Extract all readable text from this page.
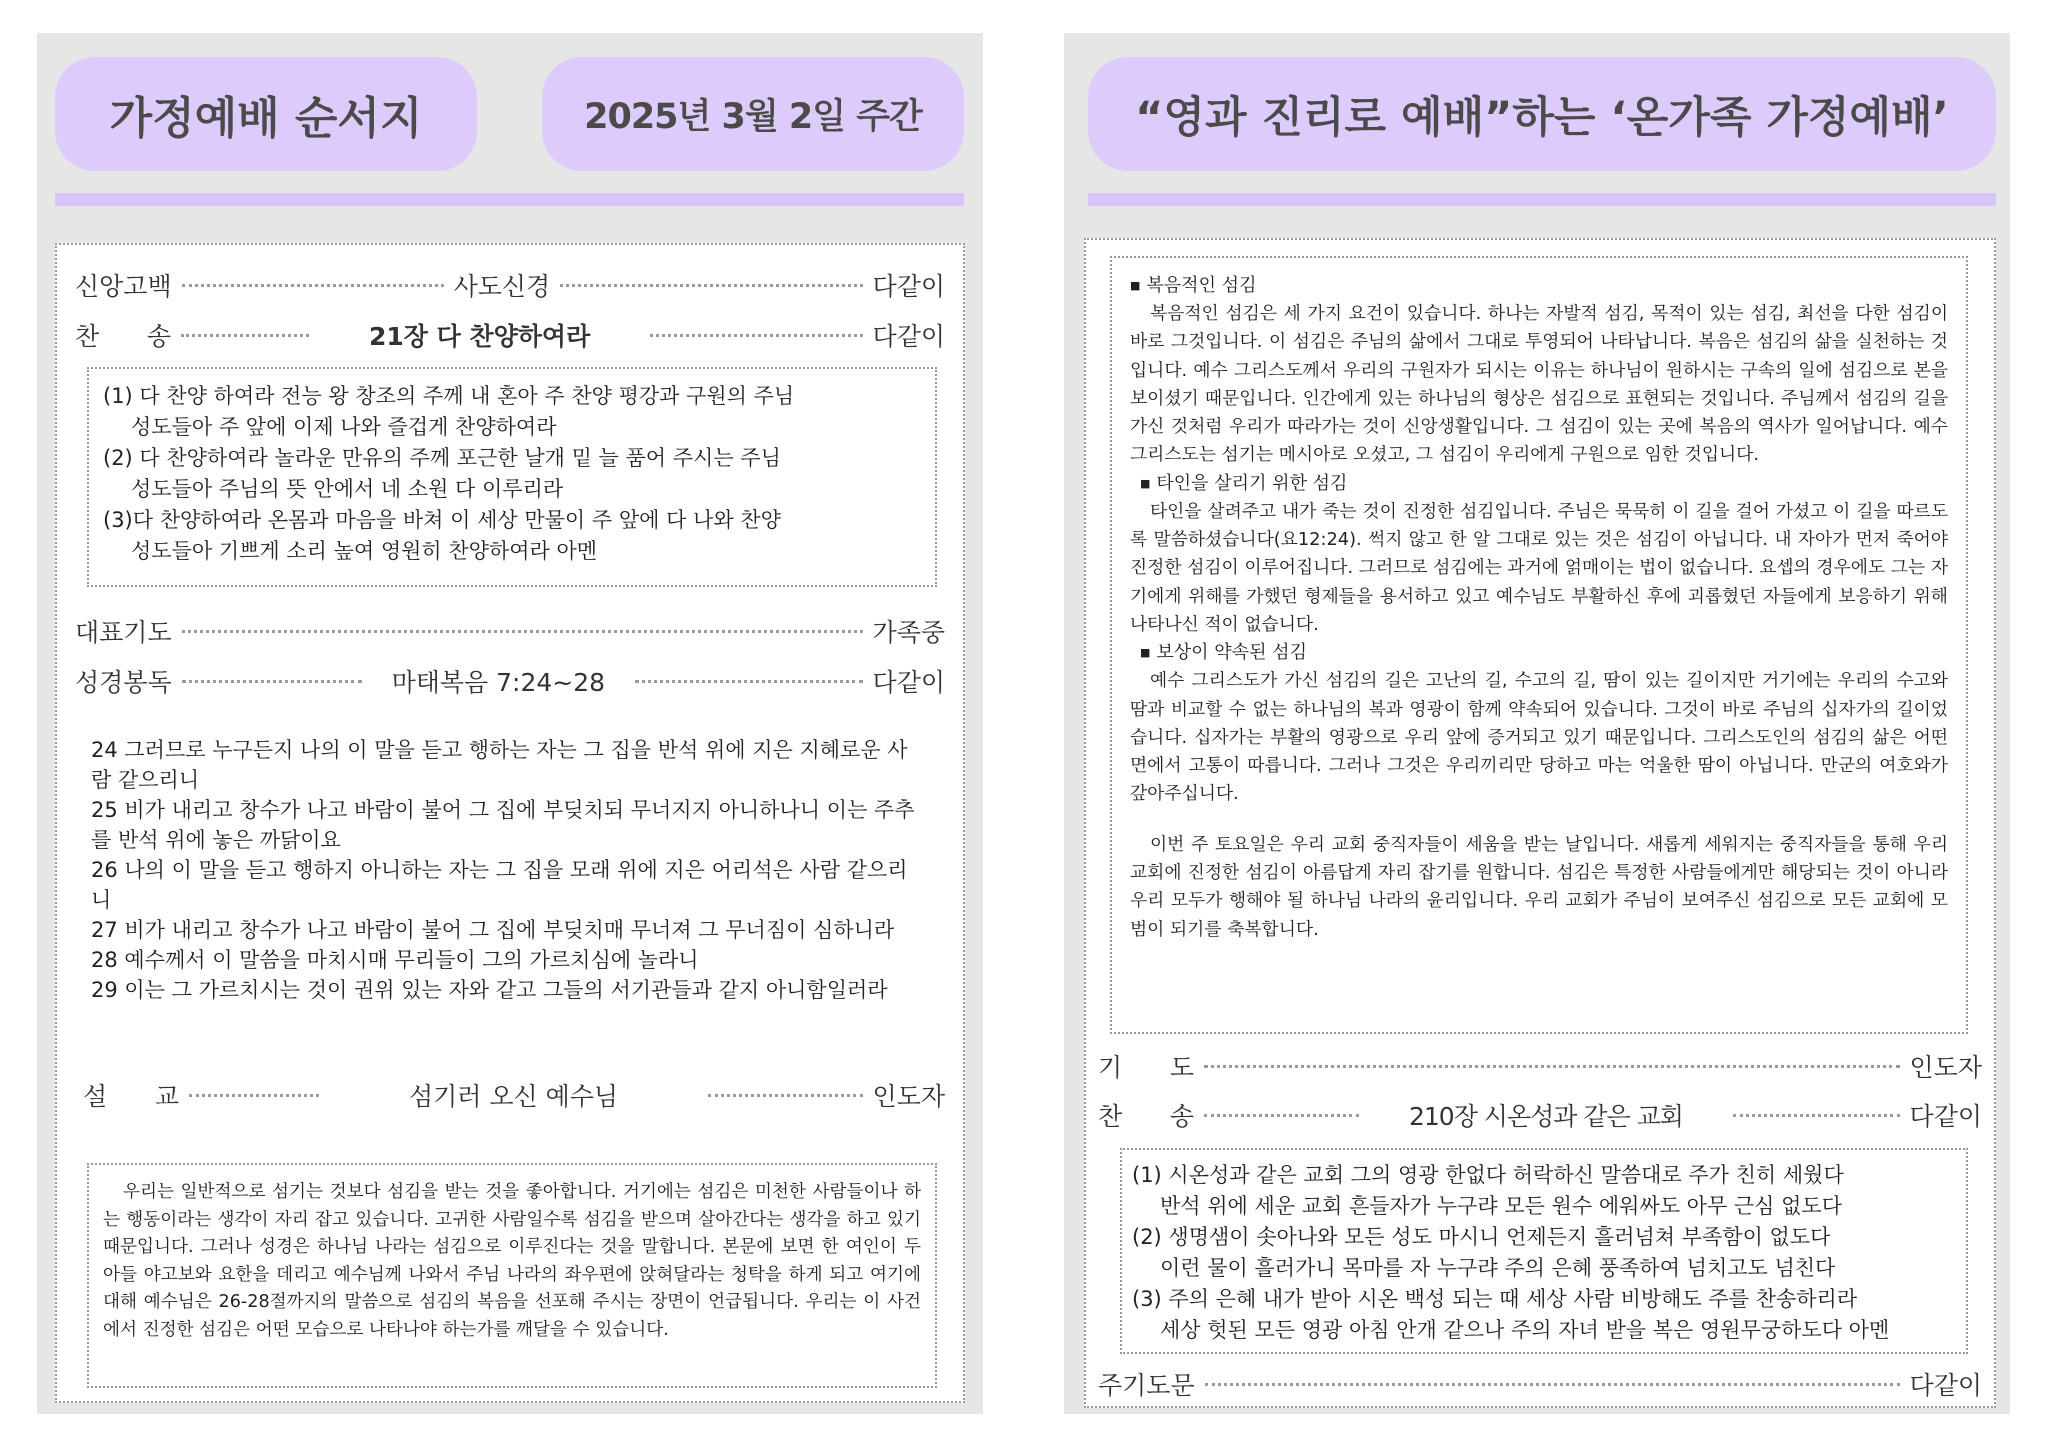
가정예배 순서지	2025년 3월 2일 주간
신앙고백	사도신경	다같이
찬      송	21장 다 찬양하여라	다같이
(1) 다 찬양 하여라 전능 왕 창조의 주께 내 혼아 주 찬양 평강과 구원의 주님
성도들아 주 앞에 이제 나와 즐겁게 찬양하여라
(2) 다 찬양하여라 놀라운 만유의 주께 포근한 날개 밑 늘 품어 주시는 주님
성도들아 주님의 뜻 안에서 네 소원 다 이루리라
(3)다 찬양하여라 온몸과 마음을 바쳐 이 세상 만물이 주 앞에 다 나와 찬양
성도들아 기쁘게 소리 높여 영원히 찬양하여라 아멘
대표기도	가족중
성경봉독	마태복음 7:24~28	다같이
24 그러므로 누구든지 나의 이 말을 듣고 행하는 자는 그 집을 반석 위에 지은 지혜로운 사람 같으리니
25 비가 내리고 창수가 나고 바람이 불어 그 집에 부딪치되 무너지지 아니하나니 이는 주추를 반석 위에 놓은 까닭이요
26 나의 이 말을 듣고 행하지 아니하는 자는 그 집을 모래 위에 지은 어리석은 사람 같으리니
27 비가 내리고 창수가 나고 바람이 불어 그 집에 부딪치매 무너져 그 무너짐이 심하니라
28 예수께서 이 말씀을 마치시매 무리들이 그의 가르치심에 놀라니
29 이는 그 가르치시는 것이 권위 있는 자와 같고 그들의 서기관들과 같지 아니함일러라
설      교	섬기러 오신 예수님	인도자
우리는 일반적으로 섬기는 것보다 섬김을 받는 것을 좋아합니다. 거기에는 섬김은 미천한 사람들이나 하는 행동이라는 생각이 자리 잡고 있습니다. 고귀한 사람일수록 섬김을 받으며 살아간다는 생각을 하고 있기 때문입니다. 그러나 성경은 하나님 나라는 섬김으로 이루진다는 것을 말합니다. 본문에 보면 한 여인이 두 아들 야고보와 요한을 데리고 예수님께 나와서 주님 나라의 좌우편에 앉혀달라는 청탁을 하게 되고 여기에 대해 예수님은 26-28절까지의 말씀으로 섬김의 복음을 선포해 주시는 장면이 언급됩니다. 우리는 이 사건에서 진정한 섬김은 어떤 모습으로 나타나야 하는가를 깨달을 수 있습니다.
“영과 진리로 예배”하는 ‘온가족 가정예배’
■ 복음적인 섬김
복음적인 섬김은 세 가지 요건이 있습니다. 하나는 자발적 섬김, 목적이 있는 섬김, 최선을 다한 섬김이 바로 그것입니다. 이 섬김은 주님의 삶에서 그대로 투영되어 나타납니다. 복음은 섬김의 삶을 실천하는 것입니다. 예수 그리스도께서 우리의 구원자가 되시는 이유는 하나님이 원하시는 구속의 일에 섬김으로 본을 보이셨기 때문입니다. 인간에게 있는 하나님의 형상은 섬김으로 표현되는 것입니다. 주님께서 섬김의 길을 가신 것처럼 우리가 따라가는 것이 신앙생활입니다. 그 섬김이 있는 곳에 복음의 역사가 일어납니다. 예수 그리스도는 섬기는 메시아로 오셨고, 그 섬김이 우리에게 구원으로 임한 것입니다.
■ 타인을 살리기 위한 섬김
타인을 살려주고 내가 죽는 것이 진정한 섬김입니다. 주님은 묵묵히 이 길을 걸어 가셨고 이 길을 따르도록 말씀하셨습니다(요12:24). 썩지 않고 한 알 그대로 있는 것은 섬김이 아닙니다. 내 자아가 먼저 죽어야 진정한 섬김이 이루어집니다. 그러므로 섬김에는 과거에 얽매이는 법이 없습니다. 요셉의 경우에도 그는 자기에게 위해를 가했던 형제들을 용서하고 있고 예수님도 부활하신 후에 괴롭혔던 자들에게 보응하기 위해 나타나신 적이 없습니다.
■ 보상이 약속된 섬김
예수 그리스도가 가신 섬김의 길은 고난의 길, 수고의 길, 땀이 있는 길이지만 거기에는 우리의 수고와 땀과 비교할 수 없는 하나님의 복과 영광이 함께 약속되어 있습니다. 그것이 바로 주님의 십자가의 길이었습니다. 십자가는 부활의 영광으로 우리 앞에 증거되고 있기 때문입니다. 그리스도인의 섬김의 삶은 어떤 면에서 고통이 따릅니다. 그러나 그것은 우리끼리만 당하고 마는 억울한 땀이 아닙니다. 만군의 여호와가 갚아주십니다.
이번 주 토요일은 우리 교회 중직자들이 세움을 받는 날입니다. 새롭게 세워지는 중직자들을 통해 우리 교회에 진정한 섬김이 아름답게 자리 잡기를 원합니다. 섬김은 특정한 사람들에게만 해당되는 것이 아니라 우리 모두가 행해야 될 하나님 나라의 윤리입니다. 우리 교회가 주님이 보여주신 섬김으로 모든 교회에 모범이 되기를 축복합니다.
기      도	인도자
찬      송	210장 시온성과 같은 교회	다같이
(1) 시온성과 같은 교회 그의 영광 한없다 허락하신 말씀대로 주가 친히 세웠다
반석 위에 세운 교회 흔들자가 누구랴 모든 원수 에워싸도 아무 근심 없도다
(2) 생명샘이 솟아나와 모든 성도 마시니 언제든지 흘러넘쳐 부족함이 없도다
이런 물이 흘러가니 목마를 자 누구랴 주의 은혜 풍족하여 넘치고도 넘친다
(3) 주의 은혜 내가 받아 시온 백성 되는 때 세상 사람 비방해도 주를 찬송하리라
세상 헛된 모든 영광 아침 안개 같으나 주의 자녀 받을 복은 영원무궁하도다 아멘
주기도문	다같이
